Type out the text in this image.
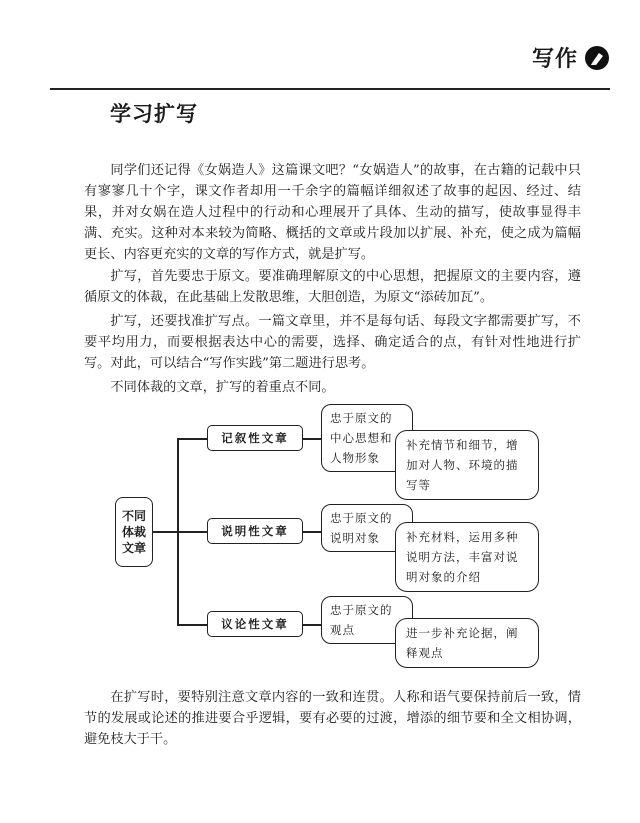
写作
学习扩写

同学们还记得《女娲造人》这篇课文吧？“女娲造人”的故事，在古籍的记载中只有寥寥几十个字，课文作者却用一千余字的篇幅详细叙述了故事的起因、经过、结果，并对女娲在造人过程中的行动和心理展开了具体、生动的描写，使故事显得丰满、充实。这种对本来较为简略、概括的文章或片段加以扩展、补充，使之成为篇幅更长、内容更充实的文章的写作方式，就是扩写。

扩写，首先要忠于原文。要准确理解原文的中心思想，把握原文的主要内容，遵循原文的体裁，在此基础上发散思维，大胆创造，为原文“添砖加瓦”。

扩写，还要找准扩写点。一篇文章里，并不是每句话、每段文字都需要扩写，不要平均用力，而要根据表达中心的需要，选择、确定适合的点，有针对性地进行扩写。对此，可以结合“写作实践”第二题进行思考。

不同体裁的文章，扩写的着重点不同。

不同体裁文章
记叙性文章
说明性文章
议论性文章
忠于原文的中心思想和人物形象
忠于原文的说明对象
忠于原文的观点
补充情节和细节，增加对人物、环境的描写等
补充材料，运用多种说明方法，丰富对说明对象的介绍
进一步补充论据，阐释观点

在扩写时，要特别注意文章内容的一致和连贯。人称和语气要保持前后一致，情节的发展或论述的推进要合乎逻辑，要有必要的过渡，增添的细节要和全文相协调，避免枝大于干。
